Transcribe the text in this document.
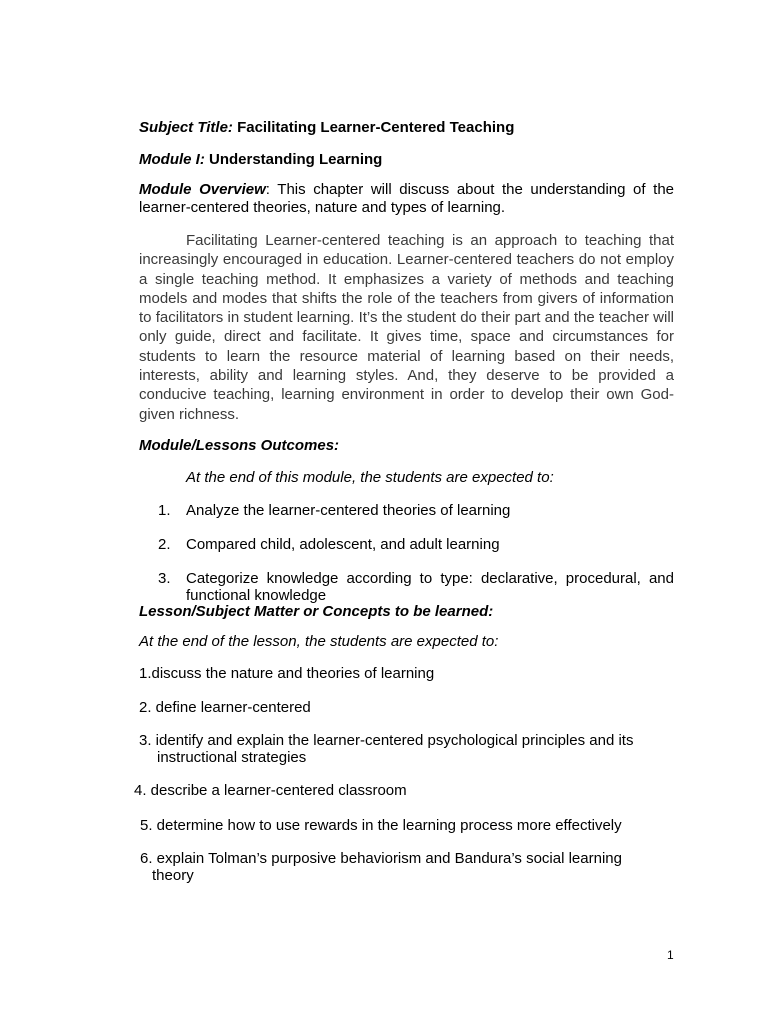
Subject Title: Facilitating Learner-Centered Teaching

Module I: Understanding Learning

Module Overview: This chapter will discuss about the understanding of the learner-centered theories, nature and types of learning.

Facilitating Learner-centered teaching is an approach to teaching that increasingly encouraged in education. Learner-centered teachers do not employ a single teaching method. It emphasizes a variety of methods and teaching models and modes that shifts the role of the teachers from givers of information to facilitators in student learning. It’s the student do their part and the teacher will only guide, direct and facilitate. It gives time, space and circumstances for students to learn the resource material of learning based on their needs, interests, ability and learning styles. And, they deserve to be provided a conducive teaching, learning environment in order to develop their own God-given richness.

Module/Lessons Outcomes:

At the end of this module, the students are expected to:

1.	Analyze the learner-centered theories of learning
2.	Compared child, adolescent, and adult learning
3.	Categorize knowledge according to type: declarative, procedural, and functional knowledge

Lesson/Subject Matter or Concepts to be learned:

At the end of the lesson, the students are expected to:

1.discuss the nature and theories of learning
2. define learner-centered
3. identify and explain the learner-centered psychological principles and its
instructional strategies
4. describe a learner-centered classroom
5. determine how to use rewards in the learning process more effectively
6. explain Tolman’s purposive behaviorism and Bandura’s social learning
theory
1
